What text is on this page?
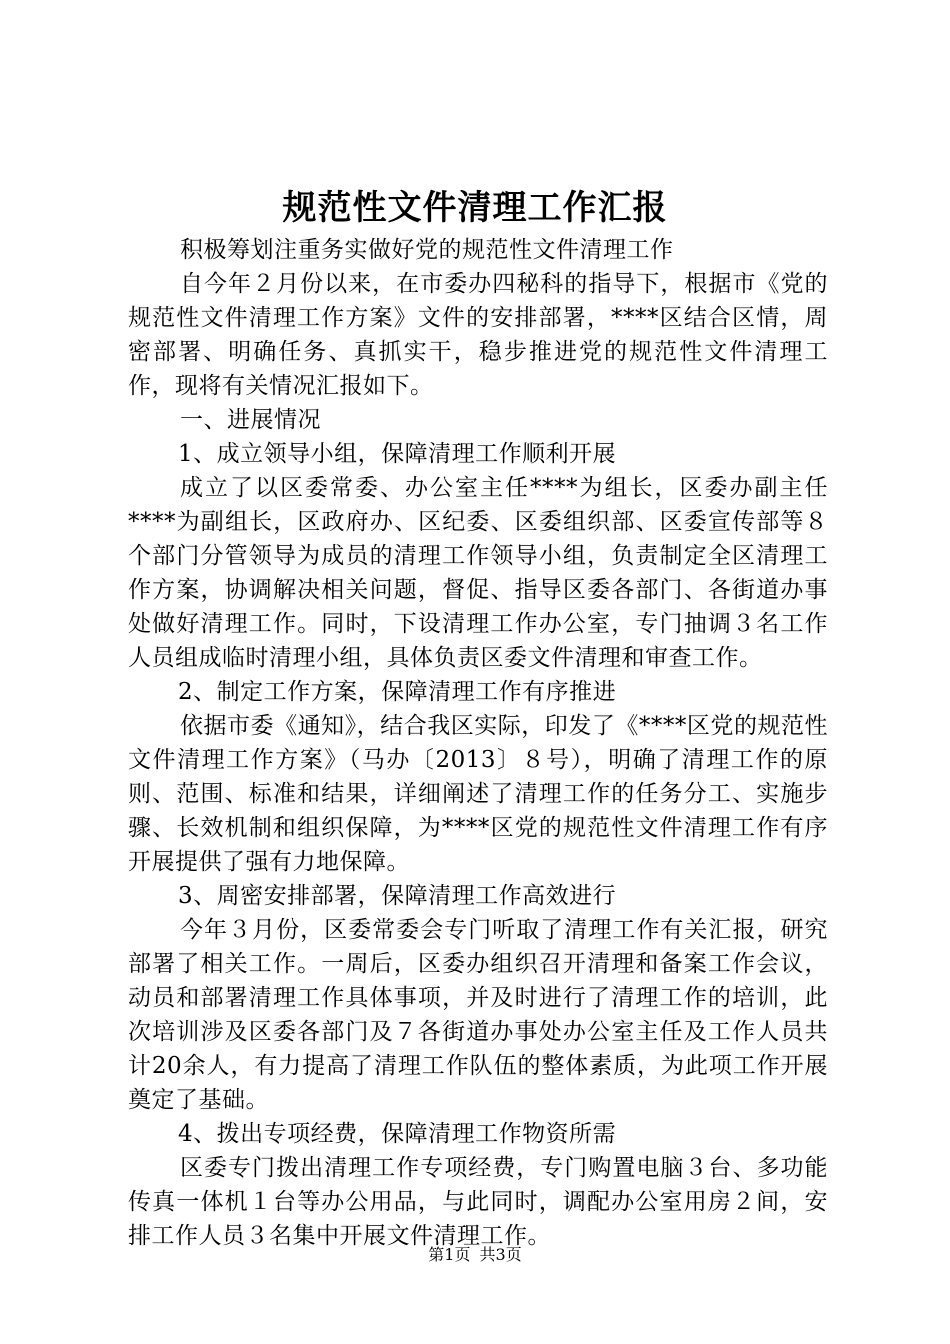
规范性文件清理工作汇报

积极筹划注重务实做好党的规范性文件清理工作

自今年２月份以来，在市委办四秘科的指导下，根据市《党的规范性文件清理工作方案》文件的安排部署，****区结合区情，周密部署、明确任务、真抓实干，稳步推进党的规范性文件清理工作，现将有关情况汇报如下。

一、进展情况

1、成立领导小组，保障清理工作顺利开展

成立了以区委常委、办公室主任****为组长，区委办副主任****为副组长，区政府办、区纪委、区委组织部、区委宣传部等８个部门分管领导为成员的清理工作领导小组，负责制定全区清理工作方案，协调解决相关问题，督促、指导区委各部门、各街道办事处做好清理工作。同时，下设清理工作办公室，专门抽调３名工作人员组成临时清理小组，具体负责区委文件清理和审查工作。

2、制定工作方案，保障清理工作有序推进

依据市委《通知》，结合我区实际，印发了《****区党的规范性文件清理工作方案》（马办〔2013〕８号），明确了清理工作的原则、范围、标准和结果，详细阐述了清理工作的任务分工、实施步骤、长效机制和组织保障，为****区党的规范性文件清理工作有序开展提供了强有力地保障。

3、周密安排部署，保障清理工作高效进行

今年３月份，区委常委会专门听取了清理工作有关汇报，研究部署了相关工作。一周后，区委办组织召开清理和备案工作会议，动员和部署清理工作具体事项，并及时进行了清理工作的培训，此次培训涉及区委各部门及７各街道办事处办公室主任及工作人员共计20余人，有力提高了清理工作队伍的整体素质，为此项工作开展奠定了基础。

4、拨出专项经费，保障清理工作物资所需

区委专门拨出清理工作专项经费，专门购置电脑３台、多功能传真一体机１台等办公用品，与此同时，调配办公室用房２间，安排工作人员３名集中开展文件清理工作。

第1页 共3页
